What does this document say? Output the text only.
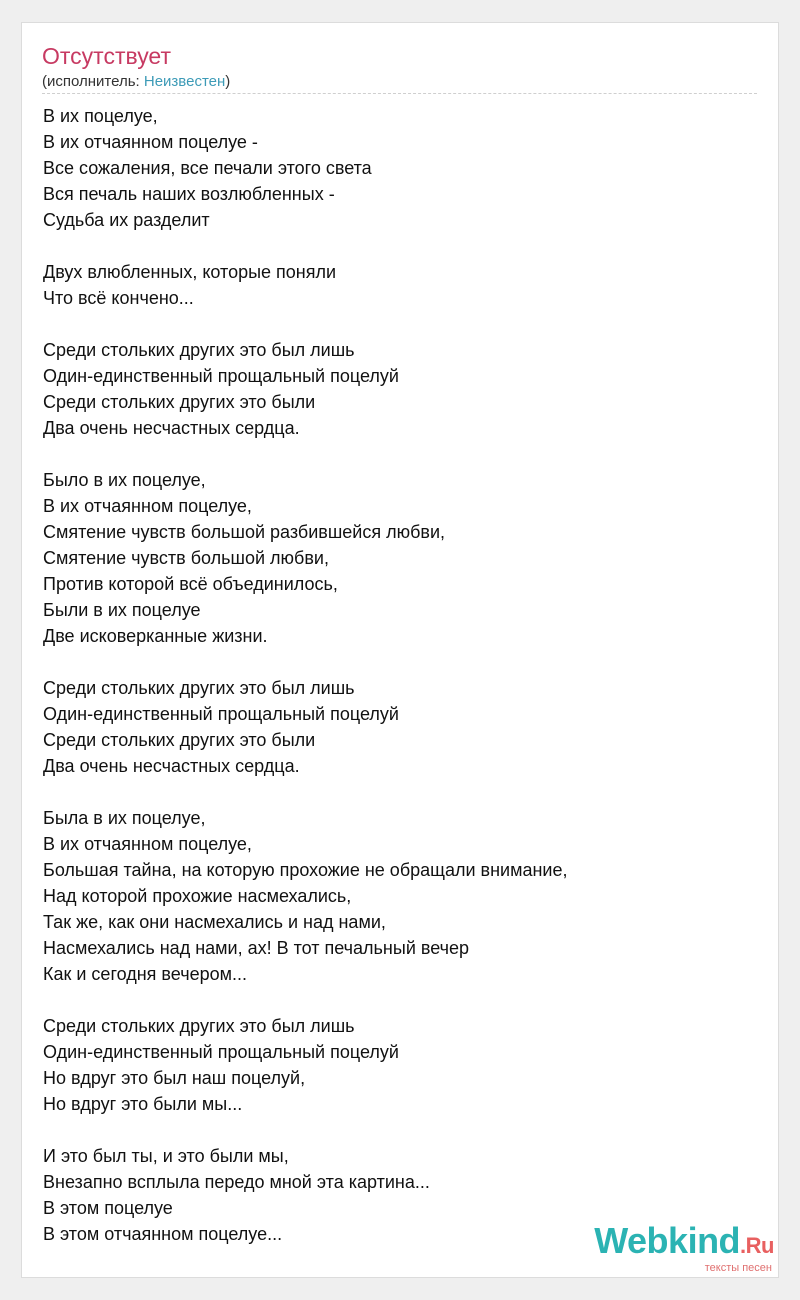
Отсутствует
(исполнитель: Неизвестен)
В их поцелуе,
В их отчаянном поцелуе -
Все сожаления, все печали этого света
Вся печаль наших возлюбленных -
Судьба их разделит
Двух влюбленных, которые поняли
Что всё кончено...
Среди стольких других это был лишь
Один-единственный прощальный поцелуй
Среди стольких других это были
Два очень несчастных сердца.
Было в их поцелуе,
В их отчаянном поцелуе,
Смятение чувств большой разбившейся любви,
Смятение чувств большой любви,
Против которой всё объединилось,
Были в их поцелуе
Две исковерканные жизни.
Среди стольких других это был лишь
Один-единственный прощальный поцелуй
Среди стольких других это были
Два очень несчастных сердца.
Была в их поцелуе,
В их отчаянном поцелуе,
Большая тайна, на которую прохожие не обращали внимание,
Над которой прохожие насмехались,
Так же, как они насмехались и над нами,
Насмехались над нами, ах! В тот печальный вечер
Как и сегодня вечером...
Среди стольких других это был лишь
Один-единственный прощальный поцелуй
Но вдруг это был наш поцелуй,
Но вдруг это были мы...
И это был ты, и это были мы,
Внезапно всплыла передо мной эта картина...
В этом поцелуе
В этом отчаянном поцелуе...	Webkind.Ru
тексты песен
